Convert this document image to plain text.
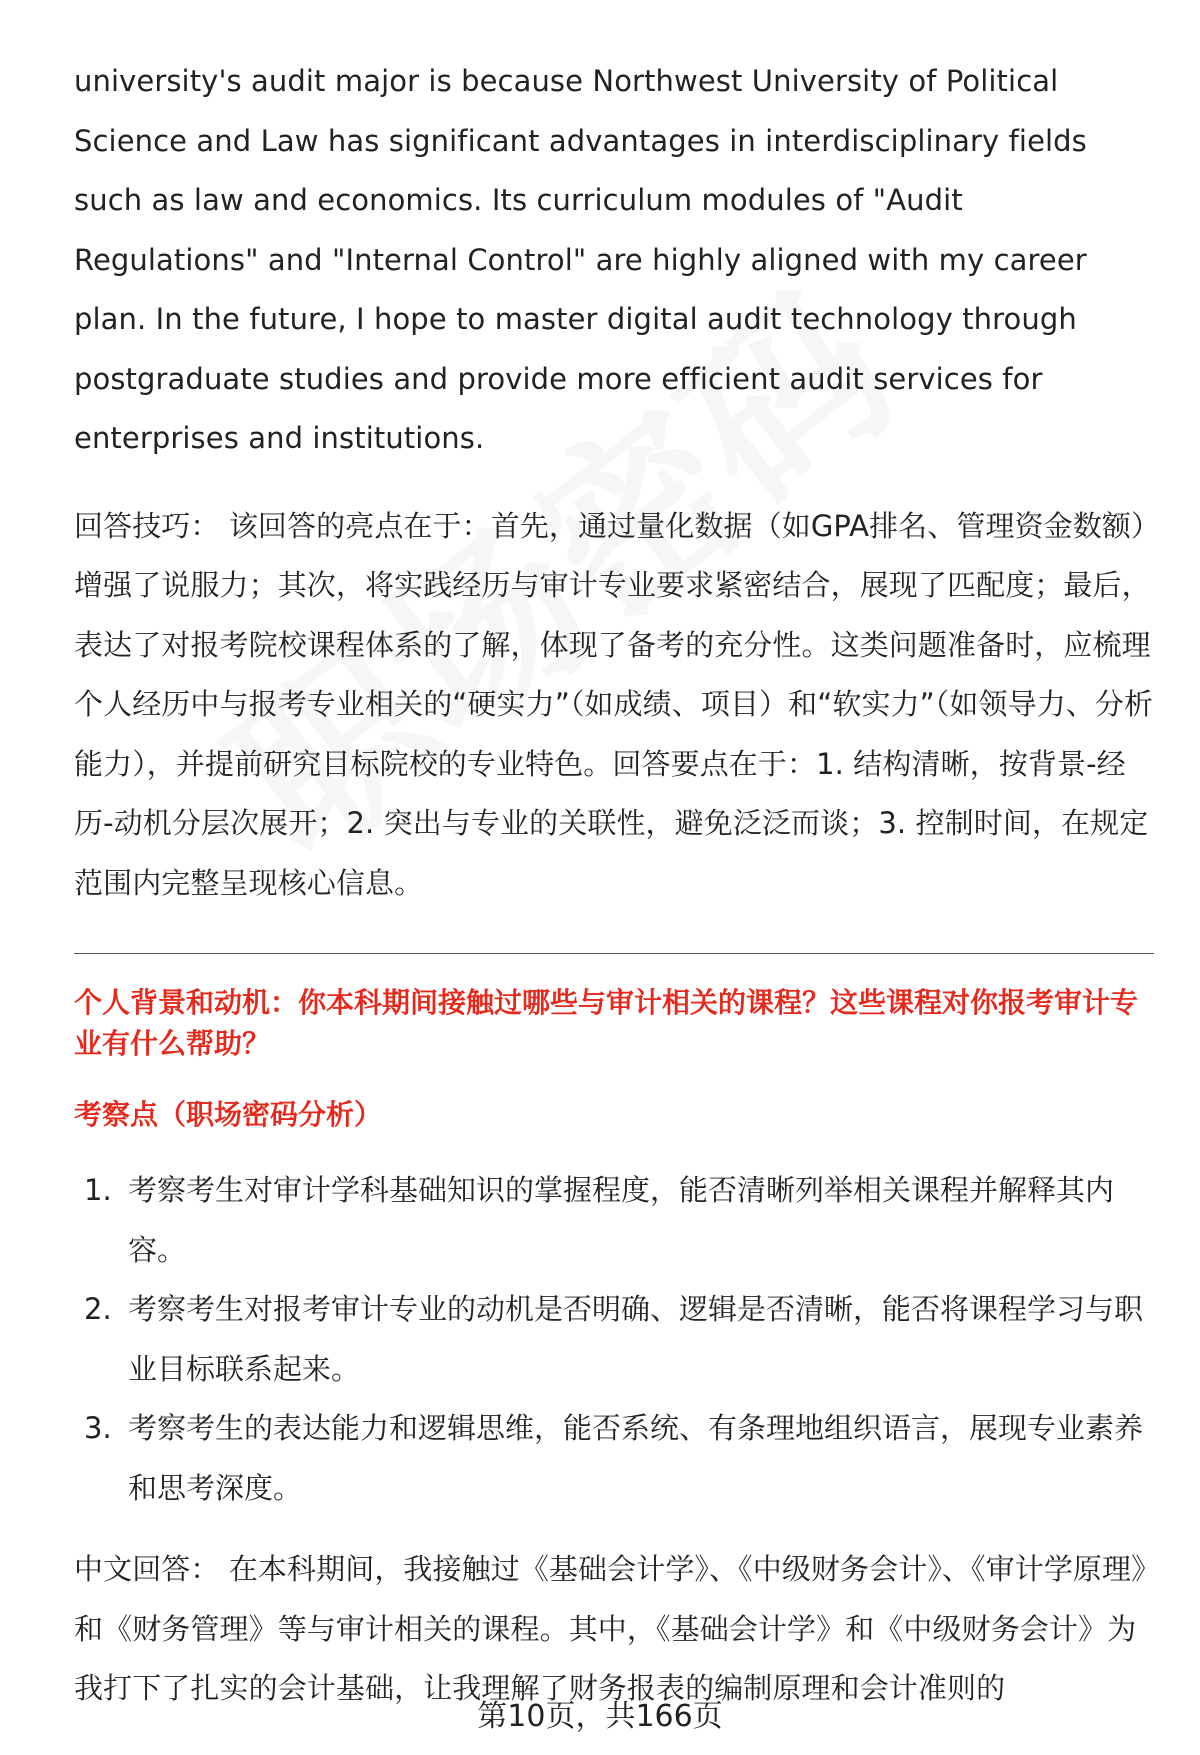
university's audit major is because Northwest University of Political Science and Law has significant advantages in interdisciplinary fields such as law and economics. Its curriculum modules of "Audit Regulations" and "Internal Control" are highly aligned with my career plan. In the future, I hope to master digital audit technology through postgraduate studies and provide more efficient audit services for enterprises and institutions.

回答技巧： 该回答的亮点在于：首先，通过量化数据（如GPA排名、管理资金数额）增强了说服力；其次，将实践经历与审计专业要求紧密结合，展现了匹配度；最后，表达了对报考院校课程体系的了解，体现了备考的充分性。这类问题准备时，应梳理个人经历中与报考专业相关的“硬实力”（如成绩、项目）和“软实力”（如领导力、分析能力），并提前研究目标院校的专业特色。回答要点在于：1. 结构清晰，按背景-经历-动机分层次展开；2. 突出与专业的关联性，避免泛泛而谈；3. 控制时间，在规定范围内完整呈现核心信息。

个人背景和动机：你本科期间接触过哪些与审计相关的课程？这些课程对你报考审计专业有什么帮助？

考察点（职场密码分析）

1. 考察考生对审计学科基础知识的掌握程度，能否清晰列举相关课程并解释其内容。
2. 考察考生对报考审计专业的动机是否明确、逻辑是否清晰，能否将课程学习与职业目标联系起来。
3. 考察考生的表达能力和逻辑思维，能否系统、有条理地组织语言，展现专业素养和思考深度。

中文回答： 在本科期间，我接触过《基础会计学》、《中级财务会计》、《审计学原理》和《财务管理》等与审计相关的课程。其中，《基础会计学》和《中级财务会计》为我打下了扎实的会计基础，让我理解了财务报表的编制原理和会计准则的

第10页，共166页
